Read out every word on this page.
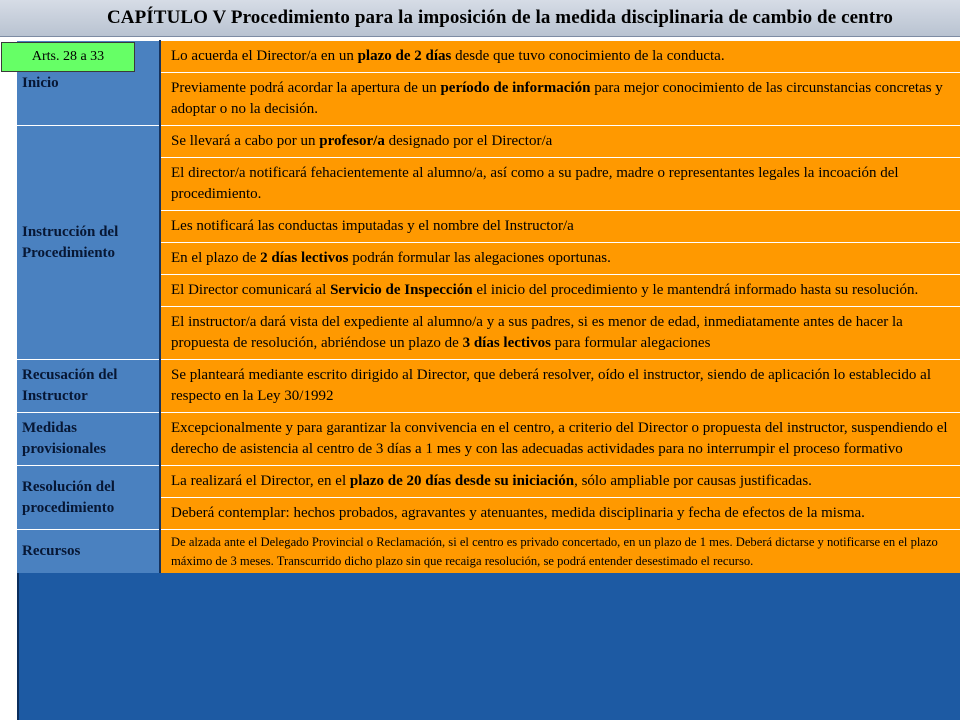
CAPÍTULO V Procedimiento para la imposición de la medida disciplinaria de cambio de centro
Inicio	Lo acuerda el Director/a en un plazo de 2 días desde que tuvo conocimiento de la conducta.
	Previamente podrá acordar la apertura de un período de información para mejor conocimiento de las circunstancias concretas y adoptar o no la decisión.
Instrucción del Procedimiento	Se llevará a cabo por un profesor/a designado por el Director/a
	El director/a notificará fehacientemente al alumno/a, así como a su padre, madre o representantes legales la incoación del procedimiento.
	Les notificará las conductas imputadas y el nombre del Instructor/a
	En el plazo de 2 días lectivos podrán formular las alegaciones oportunas.
	El Director comunicará al Servicio de Inspección el inicio del procedimiento y le mantendrá informado hasta su resolución.
	El instructor/a dará vista del expediente al alumno/a y a sus padres, si es menor de edad, inmediatamente antes de hacer la propuesta de resolución, abriéndose un plazo de 3 días lectivos para formular alegaciones
Recusación del Instructor	Se planteará mediante escrito dirigido al Director, que deberá resolver, oído el instructor, siendo de aplicación lo establecido al respecto en la Ley 30/1992
Medidas provisionales	Excepcionalmente y para garantizar la convivencia en el centro, a criterio del Director o propuesta del instructor, suspendiendo el derecho de asistencia al centro de 3 días a 1 mes y con las adecuadas actividades para no interrumpir el proceso formativo
Resolución del procedimiento	La realizará el Director, en el plazo de 20 días desde su iniciación, sólo ampliable por causas justificadas.
	Deberá contemplar: hechos probados, agravantes y atenuantes, medida disciplinaria y fecha de efectos de la misma.
Recursos	De alzada ante el Delegado Provincial o Reclamación, si el centro es privado concertado, en un plazo de 1 mes. Deberá dictarse y notificarse en el plazo máximo de 3 meses. Transcurrido dicho plazo sin que recaiga resolución, se podrá entender desestimado el recurso.
Arts. 28 a 33
